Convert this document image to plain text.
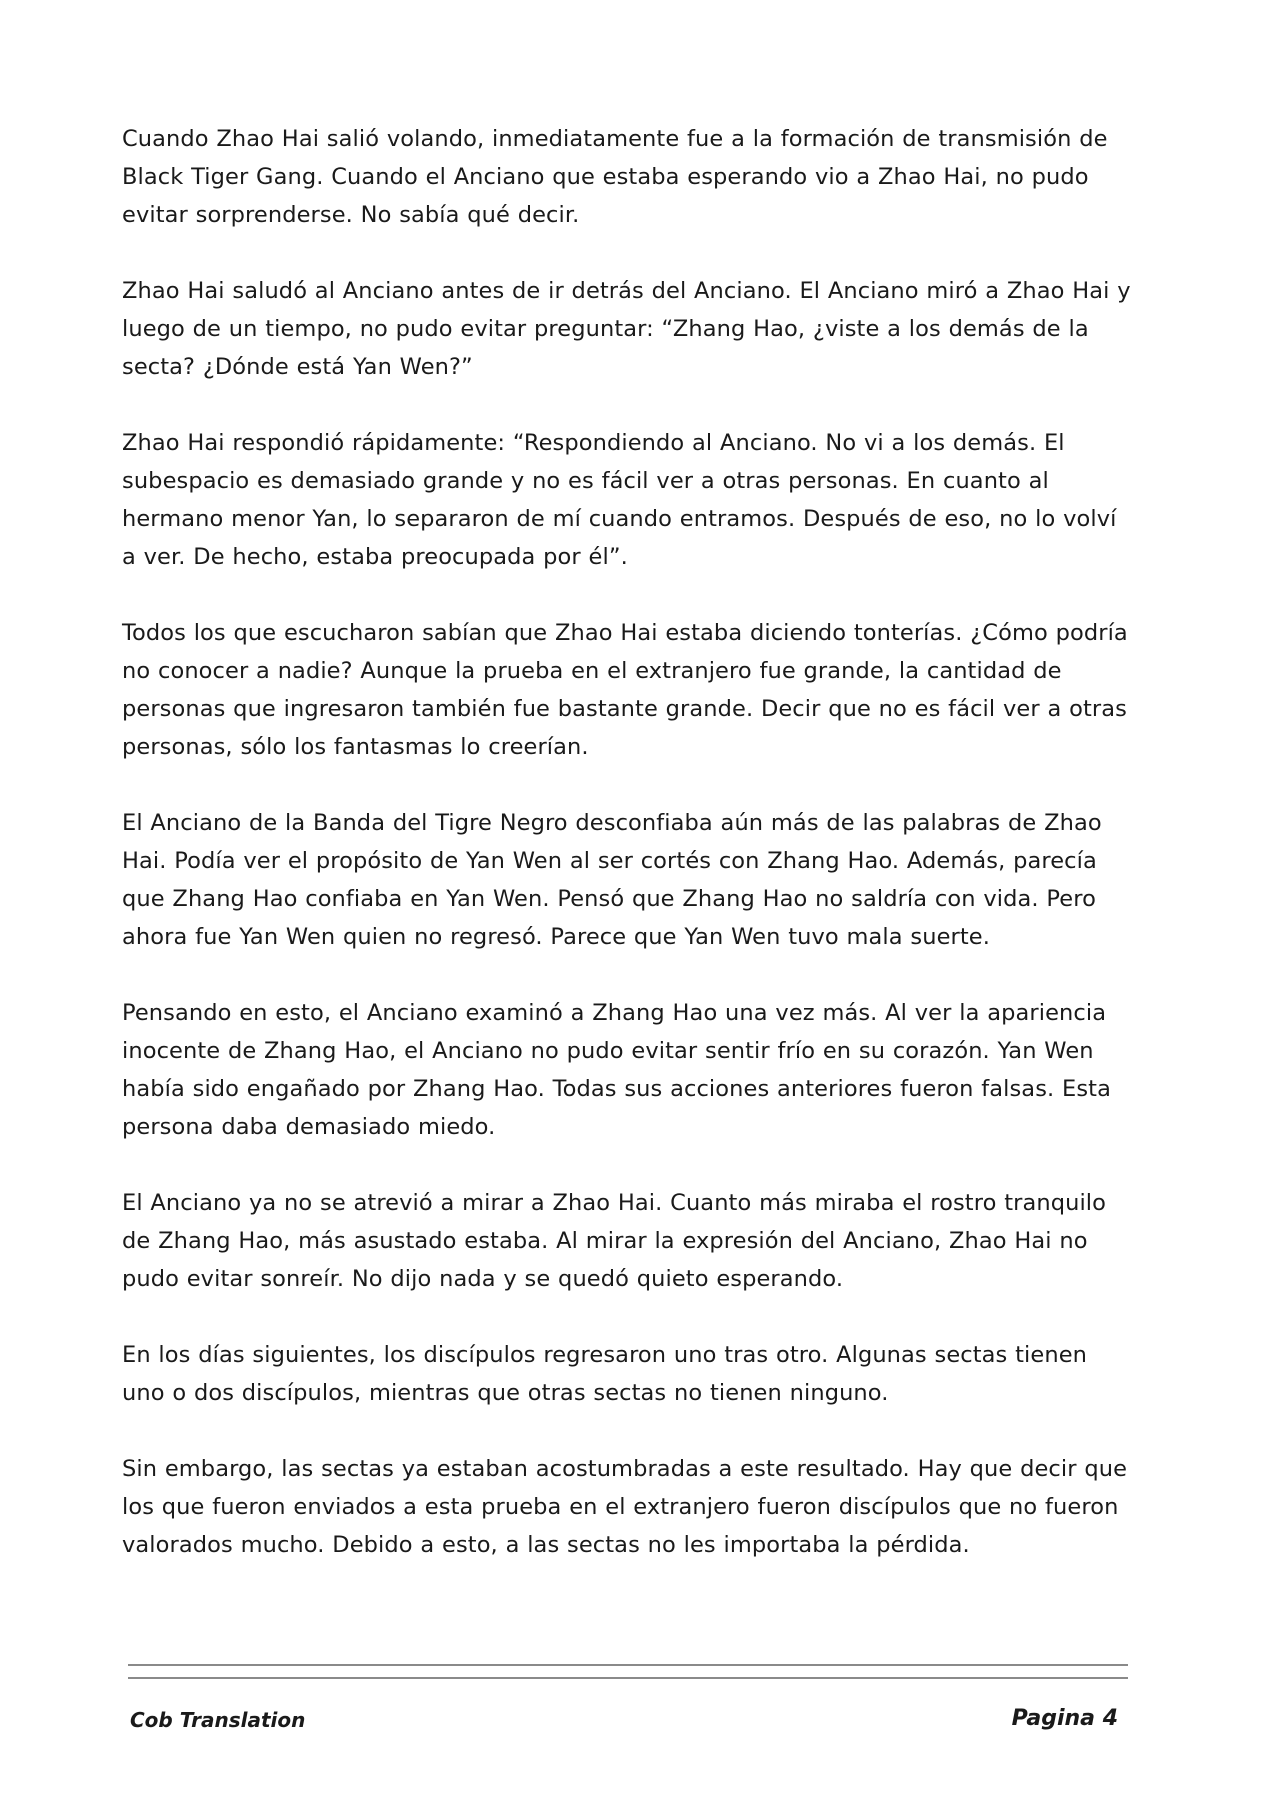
Cuando Zhao Hai salió volando, inmediatamente fue a la formación de transmisión de Black Tiger Gang. Cuando el Anciano que estaba esperando vio a Zhao Hai, no pudo evitar sorprenderse. No sabía qué decir.

Zhao Hai saludó al Anciano antes de ir detrás del Anciano. El Anciano miró a Zhao Hai y luego de un tiempo, no pudo evitar preguntar: “Zhang Hao, ¿viste a los demás de la secta? ¿Dónde está Yan Wen?”

Zhao Hai respondió rápidamente: “Respondiendo al Anciano. No vi a los demás. El subespacio es demasiado grande y no es fácil ver a otras personas. En cuanto al hermano menor Yan, lo separaron de mí cuando entramos. Después de eso, no lo volví a ver. De hecho, estaba preocupada por él”.

Todos los que escucharon sabían que Zhao Hai estaba diciendo tonterías. ¿Cómo podría no conocer a nadie? Aunque la prueba en el extranjero fue grande, la cantidad de personas que ingresaron también fue bastante grande. Decir que no es fácil ver a otras personas, sólo los fantasmas lo creerían.

El Anciano de la Banda del Tigre Negro desconfiaba aún más de las palabras de Zhao Hai. Podía ver el propósito de Yan Wen al ser cortés con Zhang Hao. Además, parecía que Zhang Hao confiaba en Yan Wen. Pensó que Zhang Hao no saldría con vida. Pero ahora fue Yan Wen quien no regresó. Parece que Yan Wen tuvo mala suerte.

Pensando en esto, el Anciano examinó a Zhang Hao una vez más. Al ver la apariencia inocente de Zhang Hao, el Anciano no pudo evitar sentir frío en su corazón. Yan Wen había sido engañado por Zhang Hao. Todas sus acciones anteriores fueron falsas. Esta persona daba demasiado miedo.

El Anciano ya no se atrevió a mirar a Zhao Hai. Cuanto más miraba el rostro tranquilo de Zhang Hao, más asustado estaba. Al mirar la expresión del Anciano, Zhao Hai no pudo evitar sonreír. No dijo nada y se quedó quieto esperando.

En los días siguientes, los discípulos regresaron uno tras otro. Algunas sectas tienen uno o dos discípulos, mientras que otras sectas no tienen ninguno.

Sin embargo, las sectas ya estaban acostumbradas a este resultado. Hay que decir que los que fueron enviados a esta prueba en el extranjero fueron discípulos que no fueron valorados mucho. Debido a esto, a las sectas no les importaba la pérdida.

Cob Translation	Pagina 4
